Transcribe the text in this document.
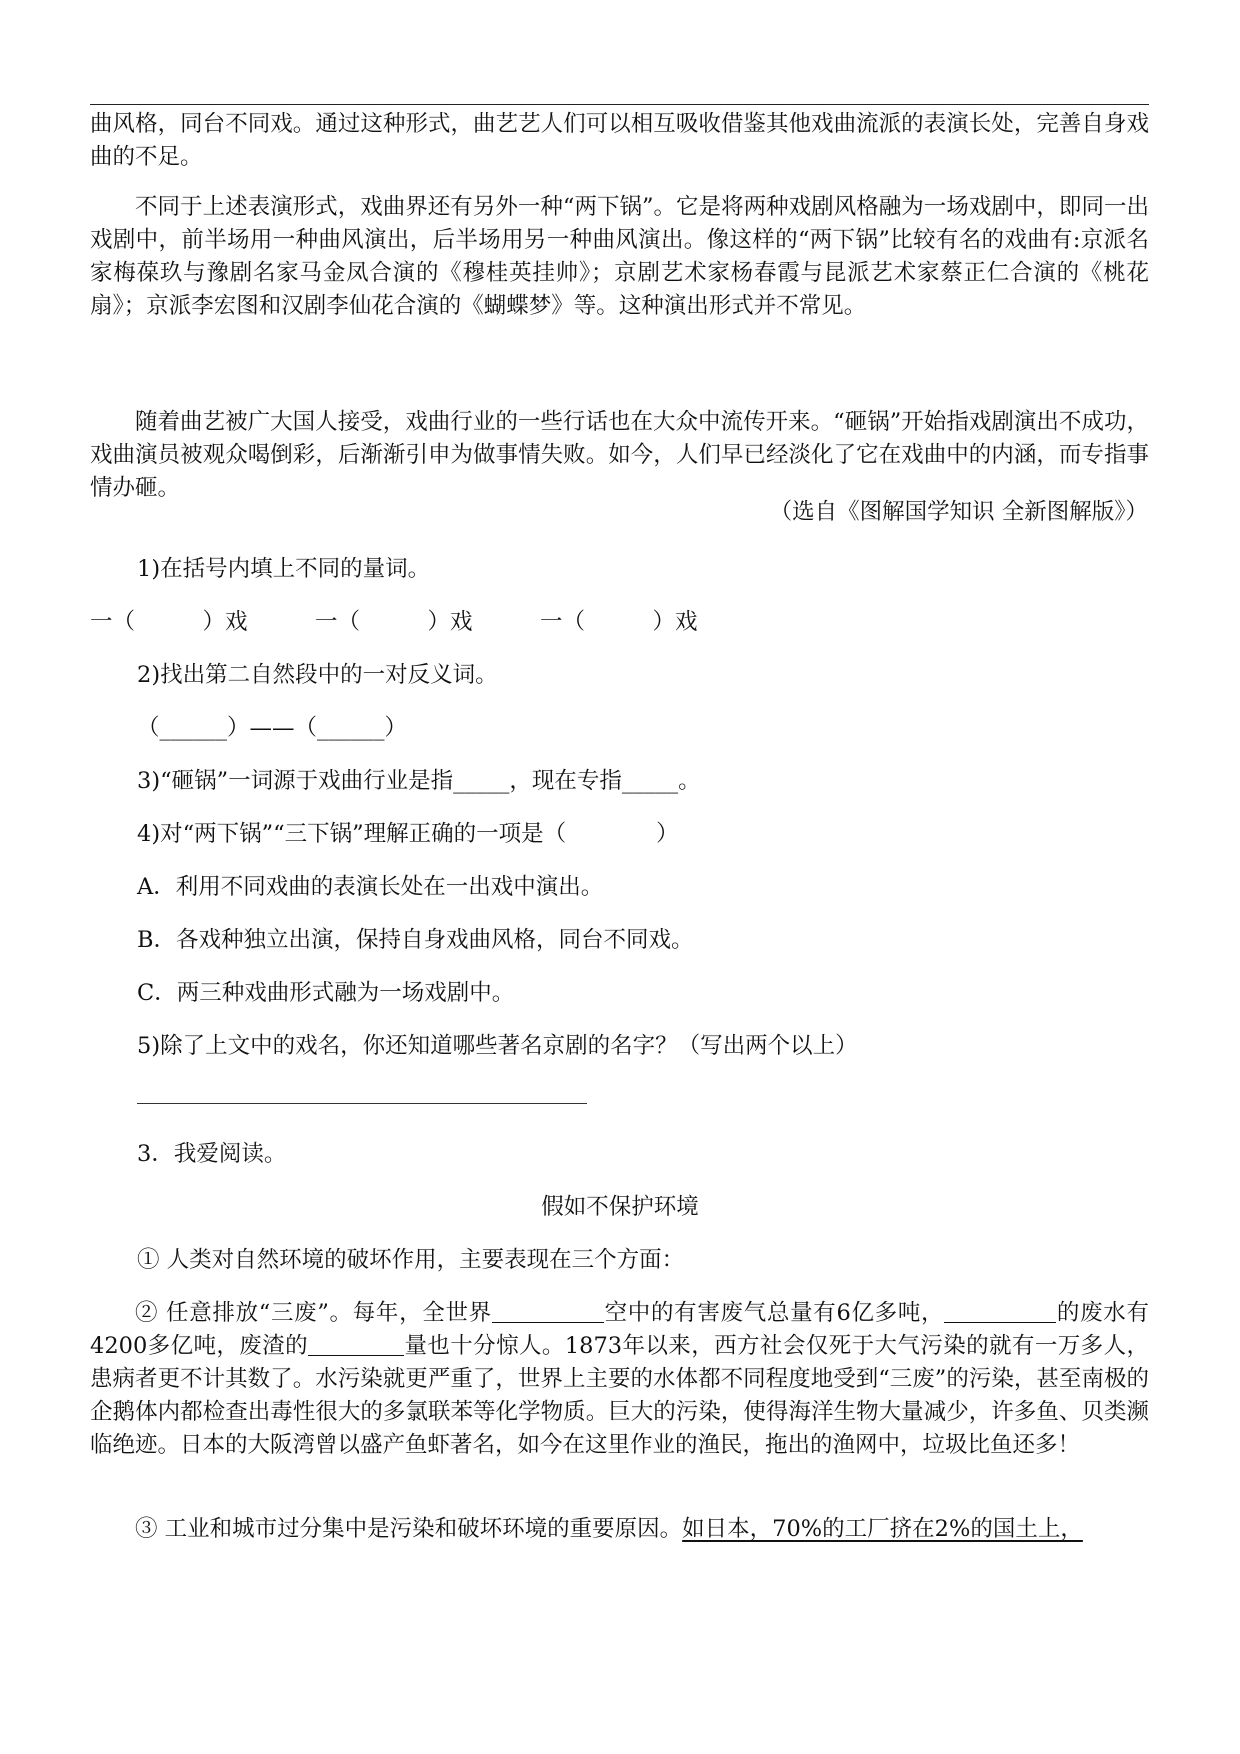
曲风格，同台不同戏。通过这种形式，曲艺艺人们可以相互吸收借鉴其他戏曲流派的表演长处，完善自身戏曲的不足。

不同于上述表演形式，戏曲界还有另外一种“两下锅”。它是将两种戏剧风格融为一场戏剧中，即同一出戏剧中，前半场用一种曲风演出，后半场用另一种曲风演出。像这样的“两下锅”比较有名的戏曲有:京派名家梅葆玖与豫剧名家马金凤合演的《穆桂英挂帅》；京剧艺术家杨春霞与昆派艺术家蔡正仁合演的《桃花扇》；京派李宏图和汉剧李仙花合演的《蝴蝶梦》等。这种演出形式并不常见。

随着曲艺被广大国人接受，戏曲行业的一些行话也在大众中流传开来。“砸锅”开始指戏剧演出不成功，戏曲演员被观众喝倒彩，后渐渐引申为做事情失败。如今，人们早已经淡化了它在戏曲中的内涵，而专指事情办砸。

（选自《图解国学知识 全新图解版》）
1)在括号内填上不同的量词。
一（　　　）戏　　　一（　　　）戏　　　一（　　　）戏
2)找出第二自然段中的一对反义词。
（______）——（______）
3)“砸锅”一词源于戏曲行业是指_____，现在专指_____。
4)对“两下锅”“三下锅”理解正确的一项是（　　　　）
A．利用不同戏曲的表演长处在一出戏中演出。
B．各戏种独立出演，保持自身戏曲风格，同台不同戏。
C．两三种戏曲形式融为一场戏剧中。
5)除了上文中的戏名，你还知道哪些著名京剧的名字？（写出两个以上）
3．我爱阅读。
假如不保护环境
① 人类对自然环境的破坏作用，主要表现在三个方面：

② 任意排放“三废”。每年，全世界	空中的有害废气总量有6亿多吨，	的废水有4200多亿吨，废渣的	量也十分惊人。1873年以来，西方社会仅死于大气污染的就有一万多人，患病者更不计其数了。水污染就更严重了，世界上主要的水体都不同程度地受到“三废”的污染，甚至南极的企鹅体内都检查出毒性很大的多氯联苯等化学物质。巨大的污染，使得海洋生物大量减少，许多鱼、贝类濒临绝迹。日本的大阪湾曾以盛产鱼虾著名，如今在这里作业的渔民，拖出的渔网中，垃圾比鱼还多！

③ 工业和城市过分集中是污染和破坏环境的重要原因。如日本，70%的工厂挤在2%的国土上，
